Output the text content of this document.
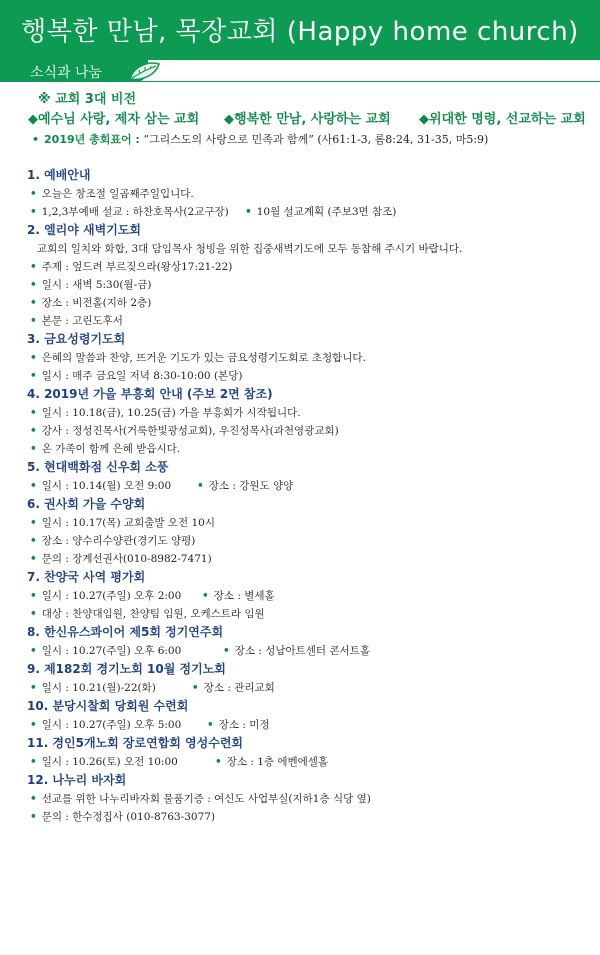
행복한 만남, 목장교회 (Happy home church)
소식과 나눔
※ 교회 3대 비전
◆예수님 사랑, 제자 삼는 교회 ◆행복한 만남, 사랑하는 교회 ◆위대한 명령, 선교하는 교회
• 2019년 총회표어 : “그리스도의 사랑으로 민족과 함께” (사61:1-3, 롬8:24, 31-35, 마5:9)
1. 예배안내
• 오늘은 창조절 일곱째주일입니다.
• 1,2,3부예배 설교 : 하찬호목사(2교구장) • 10월 설교계획 (주보3면 참조)
2. 엘리야 새벽기도회
교회의 일치와 화합, 3대 담임목사 청빙을 위한 집중새벽기도에 모두 동참해 주시기 바랍니다.
• 주제 : 엎드려 부르짖으라(왕상17:21-22)
• 일시 : 새벽 5:30(월-금)
• 장소 : 비전홀(지하 2층)
• 본문 : 고린도후서
3. 금요성령기도회
• 은혜의 말씀과 찬양, 뜨거운 기도가 있는 금요성령기도회로 초청합니다.
• 일시 : 매주 금요일 저녁 8:30-10:00 (본당)
4. 2019년 가을 부흥회 안내 (주보 2면 참조)
• 일시 : 10.18(금), 10.25(금) 가을 부흥회가 시작됩니다.
• 강사 : 정성진목사(거룩한빛광성교회), 우진성목사(과천영광교회)
• 온 가족이 함께 은혜 받읍시다.
5. 현대백화점 신우회 소풍
• 일시 : 10.14(월) 오전 9:00 • 장소 : 강원도 양양
6. 권사회 가을 수양회
• 일시 : 10.17(목) 교회출발 오전 10시
• 장소 : 양수리수양관(경기도 양평)
• 문의 : 장계선권사(010-8982-7471)
7. 찬양국 사역 평가회
• 일시 : 10.27(주일) 오후 2:00 • 장소 : 별세홀
• 대상 : 찬양대임원, 찬양팀 임원, 오케스트라 임원
8. 한신유스콰이어 제5회 정기연주회
• 일시 : 10.27(주일) 오후 6:00	• 장소 : 성남아트센터 콘서트홀
9. 제182회 경기노회 10월 정기노회
• 일시 : 10.21(월)-22(화)	• 장소 : 관리교회
10. 분당시찰회 당회원 수련회
• 일시 : 10.27(주일) 오후 5:00 • 장소 : 미정
11. 경인5개노회 장로연합회 영성수련회
• 일시 : 10.26(토) 오전 10:00	• 장소 : 1층 에벤에셀홀
12. 나누리 바자회
• 선교를 위한 나누리바자회 물품기증 : 여신도 사업부실(지하1층 식당 옆)
• 문의 : 한수정집사 (010-8763-3077)
